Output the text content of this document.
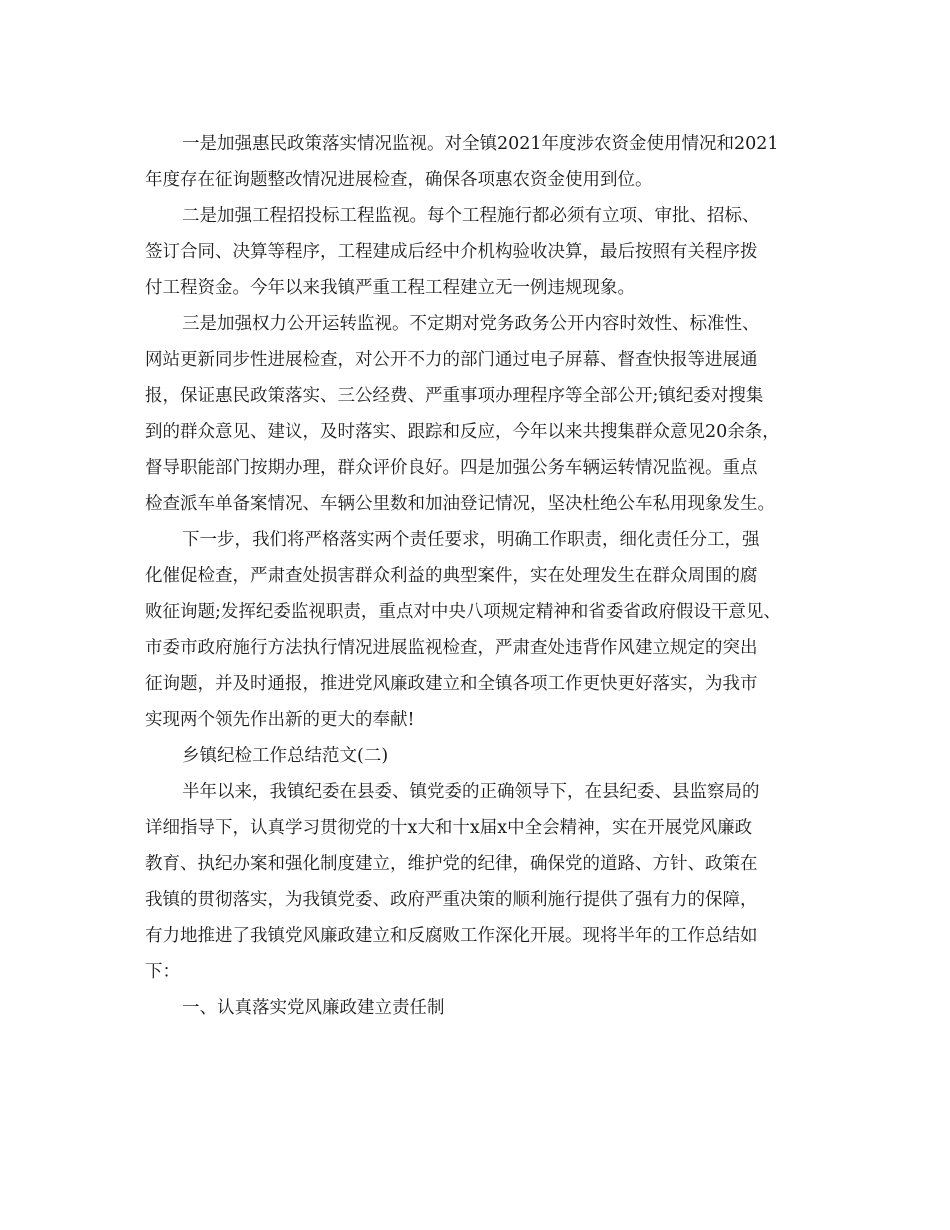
一是加强惠民政策落实情况监视。对全镇2021年度涉农资金使用情况和2021
年度存在征询题整改情况进展检查，确保各项惠农资金使用到位。
二是加强工程招投标工程监视。每个工程施行都必须有立项、审批、招标、
签订合同、决算等程序，工程建成后经中介机构验收决算，最后按照有关程序拨
付工程资金。今年以来我镇严重工程工程建立无一例违规现象。
三是加强权力公开运转监视。不定期对党务政务公开内容时效性、标准性、
网站更新同步性进展检查，对公开不力的部门通过电子屏幕、督查快报等进展通
报，保证惠民政策落实、三公经费、严重事项办理程序等全部公开;镇纪委对搜集
到的群众意见、建议，及时落实、跟踪和反应，今年以来共搜集群众意见20余条，
督导职能部门按期办理，群众评价良好。四是加强公务车辆运转情况监视。重点
检查派车单备案情况、车辆公里数和加油登记情况，坚决杜绝公车私用现象发生。
下一步，我们将严格落实两个责任要求，明确工作职责，细化责任分工，强
化催促检查，严肃查处损害群众利益的典型案件，实在处理发生在群众周围的腐
败征询题;发挥纪委监视职责，重点对中央八项规定精神和省委省政府假设干意见、
市委市政府施行方法执行情况进展监视检查，严肃查处违背作风建立规定的突出
征询题，并及时通报，推进党风廉政建立和全镇各项工作更快更好落实，为我市
实现两个领先作出新的更大的奉献!
乡镇纪检工作总结范文(二)
半年以来，我镇纪委在县委、镇党委的正确领导下，在县纪委、县监察局的
详细指导下，认真学习贯彻党的十x大和十x届x中全会精神，实在开展党风廉政
教育、执纪办案和强化制度建立，维护党的纪律，确保党的道路、方针、政策在
我镇的贯彻落实，为我镇党委、政府严重决策的顺利施行提供了强有力的保障，
有力地推进了我镇党风廉政建立和反腐败工作深化开展。现将半年的工作总结如
下：
一、认真落实党风廉政建立责任制
